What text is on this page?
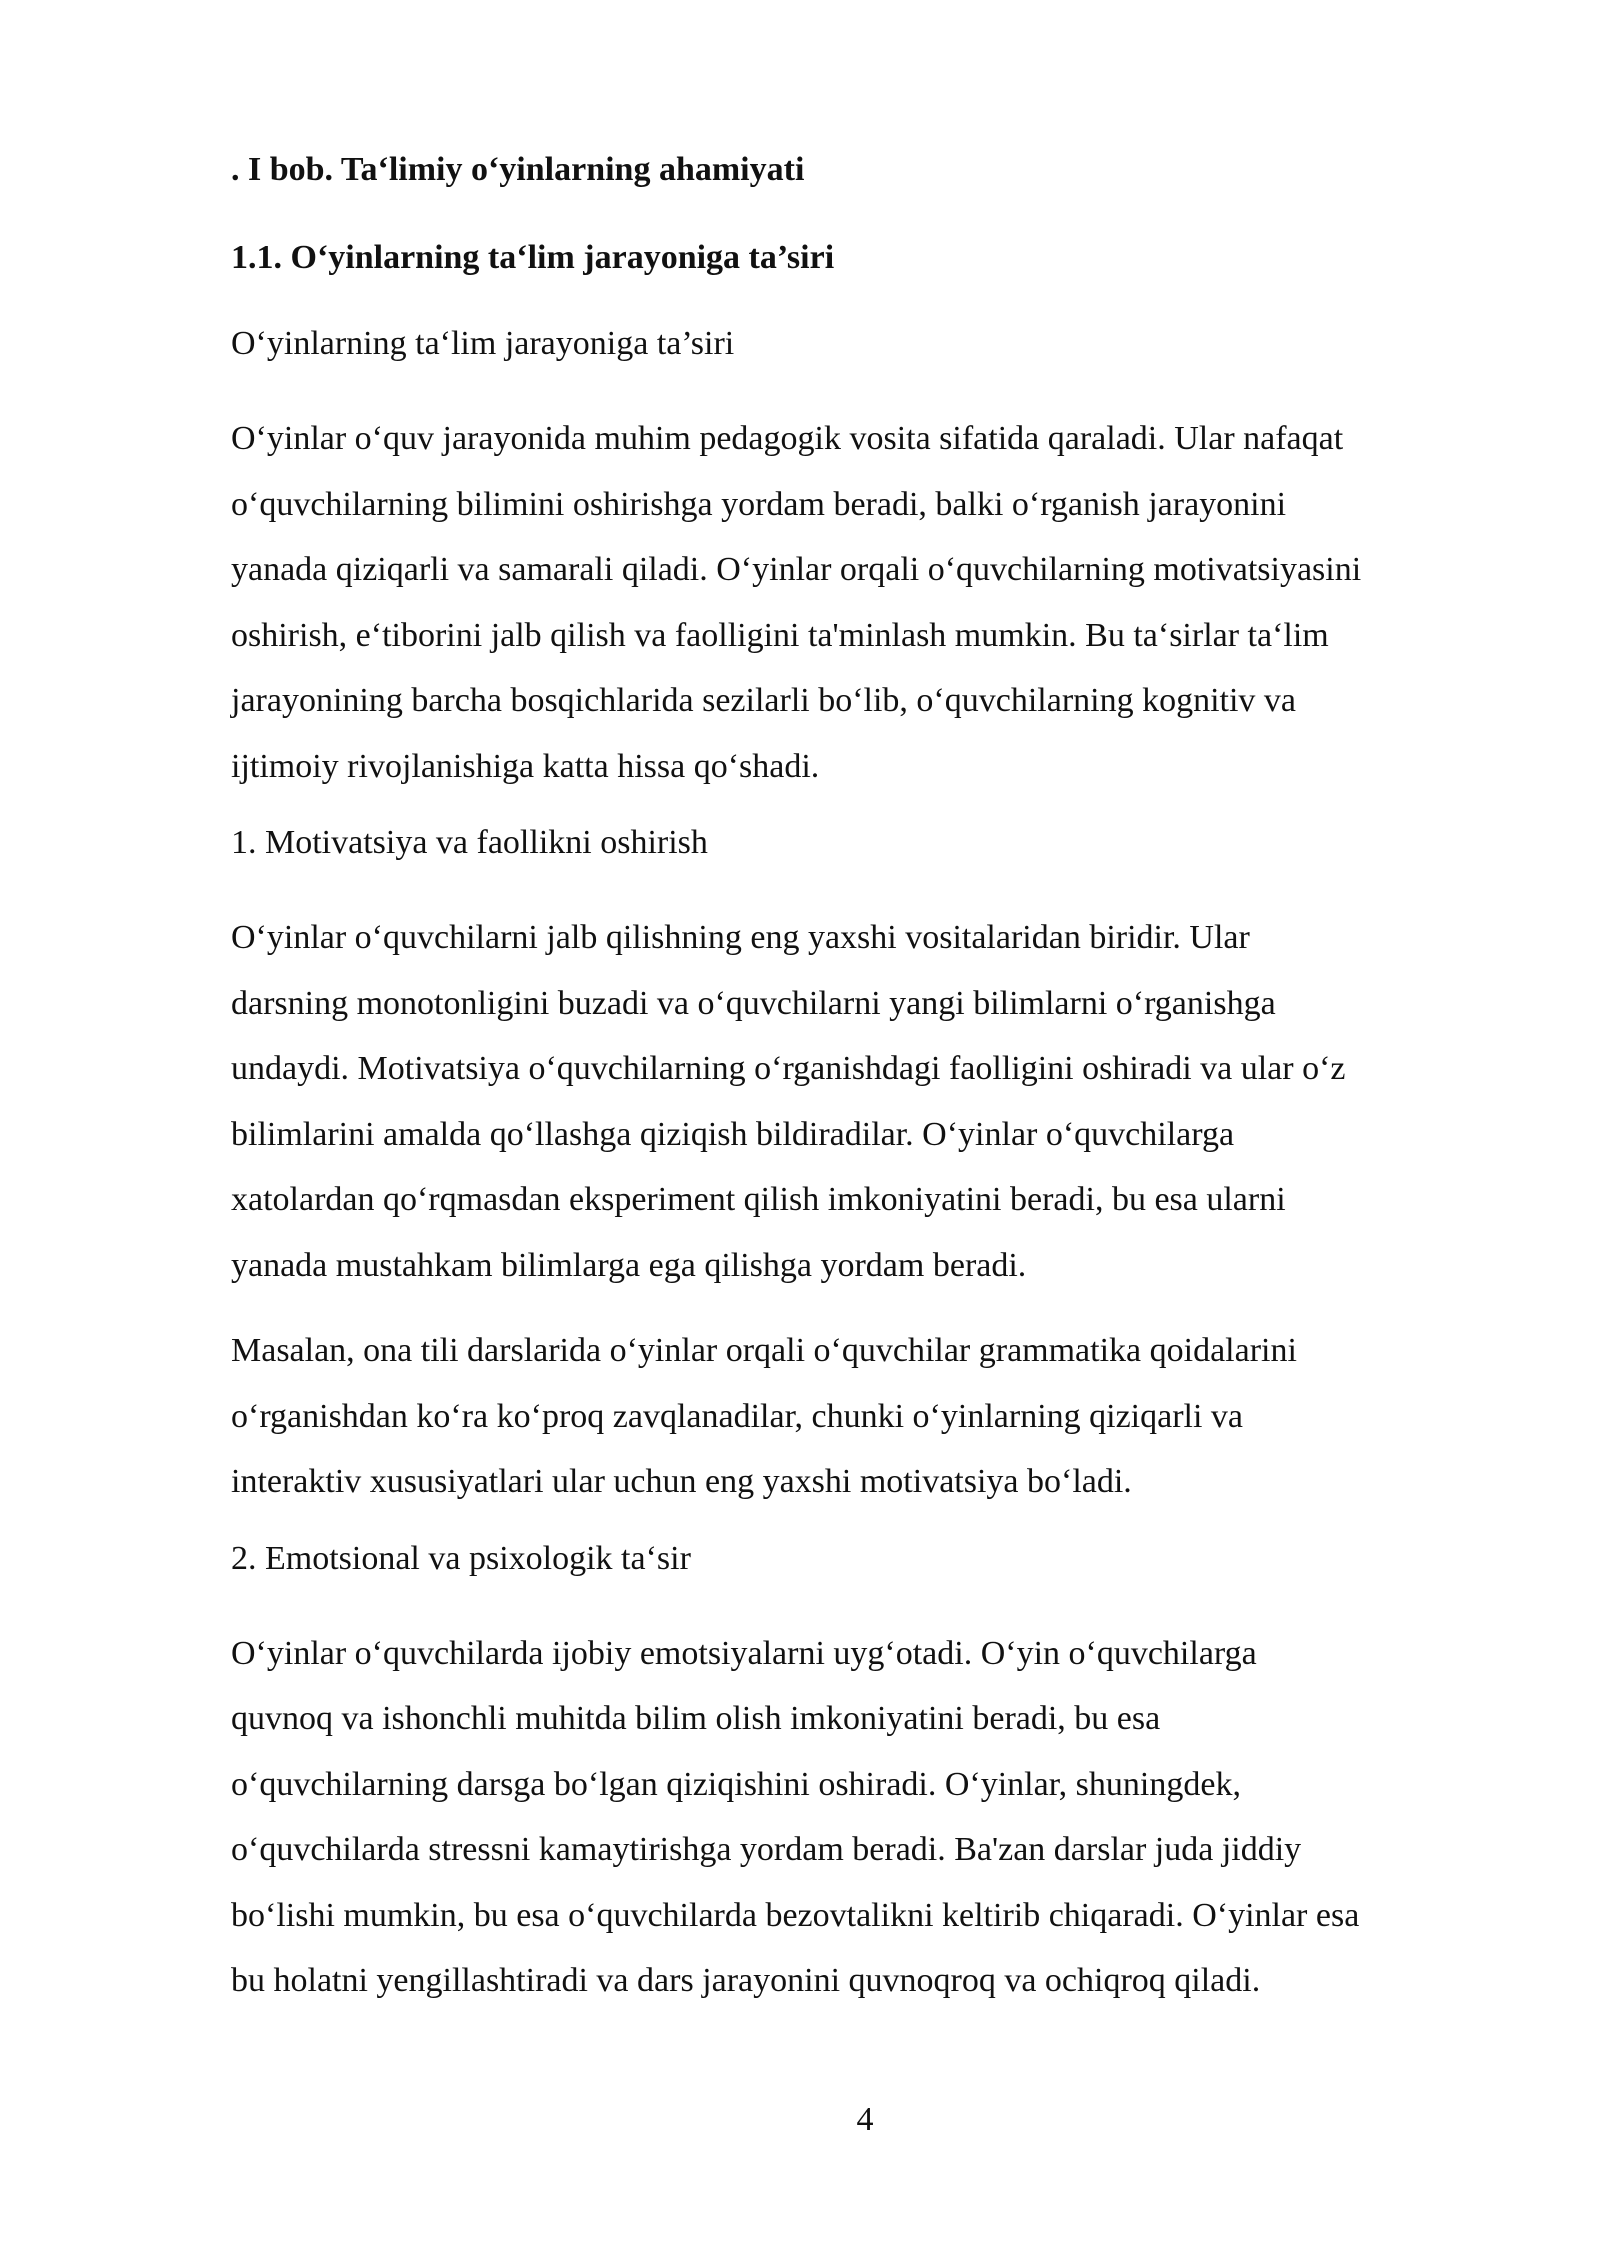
. I bob. Ta‘limiy o‘yinlarning ahamiyati
1.1. O‘yinlarning ta‘lim jarayoniga ta’siri
O‘yinlarning ta‘lim jarayoniga ta’siri
O‘yinlar o‘quv jarayonida muhim pedagogik vosita sifatida qaraladi. Ular nafaqat
o‘quvchilarning bilimini oshirishga yordam beradi, balki o‘rganish jarayonini
yanada qiziqarli va samarali qiladi. O‘yinlar orqali o‘quvchilarning motivatsiyasini
oshirish, e‘tiborini jalb qilish va faolligini ta'minlash mumkin. Bu ta‘sirlar ta‘lim
jarayonining barcha bosqichlarida sezilarli bo‘lib, o‘quvchilarning kognitiv va
ijtimoiy rivojlanishiga katta hissa qo‘shadi.
1. Motivatsiya va faollikni oshirish
O‘yinlar o‘quvchilarni jalb qilishning eng yaxshi vositalaridan biridir. Ular
darsning monotonligini buzadi va o‘quvchilarni yangi bilimlarni o‘rganishga
undaydi. Motivatsiya o‘quvchilarning o‘rganishdagi faolligini oshiradi va ular o‘z
bilimlarini amalda qo‘llashga qiziqish bildiradilar. O‘yinlar o‘quvchilarga
xatolardan qo‘rqmasdan eksperiment qilish imkoniyatini beradi, bu esa ularni
yanada mustahkam bilimlarga ega qilishga yordam beradi.
Masalan, ona tili darslarida o‘yinlar orqali o‘quvchilar grammatika qoidalarini
o‘rganishdan ko‘ra ko‘proq zavqlanadilar, chunki o‘yinlarning qiziqarli va
interaktiv xususiyatlari ular uchun eng yaxshi motivatsiya bo‘ladi.
2. Emotsional va psixologik ta‘sir
O‘yinlar o‘quvchilarda ijobiy emotsiyalarni uyg‘otadi. O‘yin o‘quvchilarga
quvnoq va ishonchli muhitda bilim olish imkoniyatini beradi, bu esa
o‘quvchilarning darsga bo‘lgan qiziqishini oshiradi. O‘yinlar, shuningdek,
o‘quvchilarda stressni kamaytirishga yordam beradi. Ba'zan darslar juda jiddiy
bo‘lishi mumkin, bu esa o‘quvchilarda bezovtalikni keltirib chiqaradi. O‘yinlar esa
bu holatni yengillashtiradi va dars jarayonini quvnoqroq va ochiqroq qiladi.
4
